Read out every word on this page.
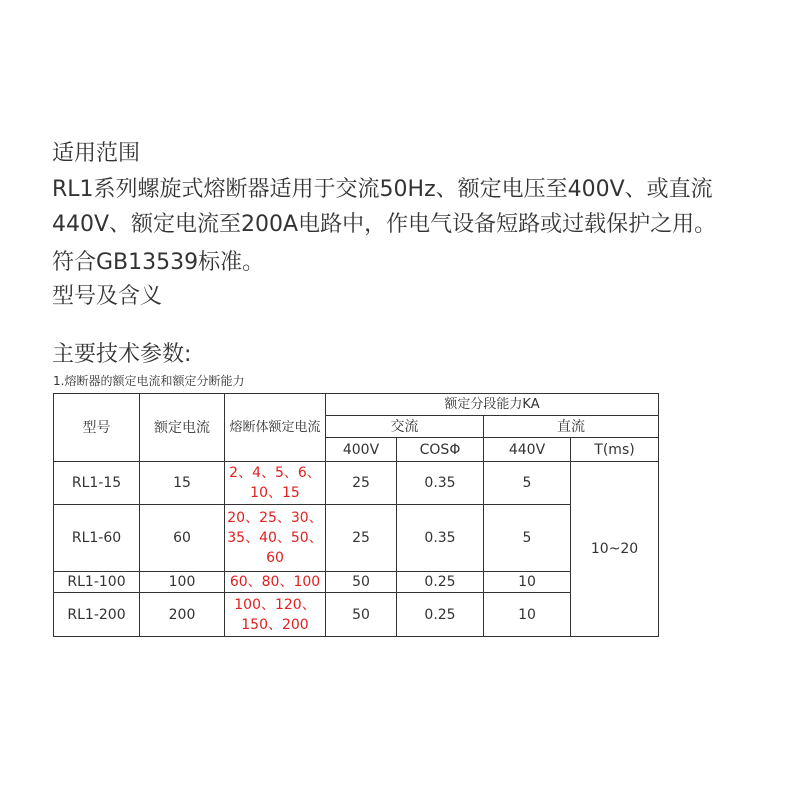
适用范围

RL1系列螺旋式熔断器适用于交流50Hz、额定电压至400V、或直流

440V、额定电流至200A电路中，作电气设备短路或过载保护之用。

符合GB13539标准。

型号及含义

主要技术参数:

1.熔断器的额定电流和额定分断能力

型号	额定电流	熔断体额定电流	额定分段能力KA			
			交流		直流	
			400V	COSΦ	440V	T(ms)
RL1-15	15	2、4、5、6、10、15	25	0.35	5	10~20
RL1-60	60	20、25、30、35、40、50、60	25	0.35	5	
RL1-100	100	60、80、100	50	0.25	10	
RL1-200	200	100、120、150、200	50	0.25	10	
